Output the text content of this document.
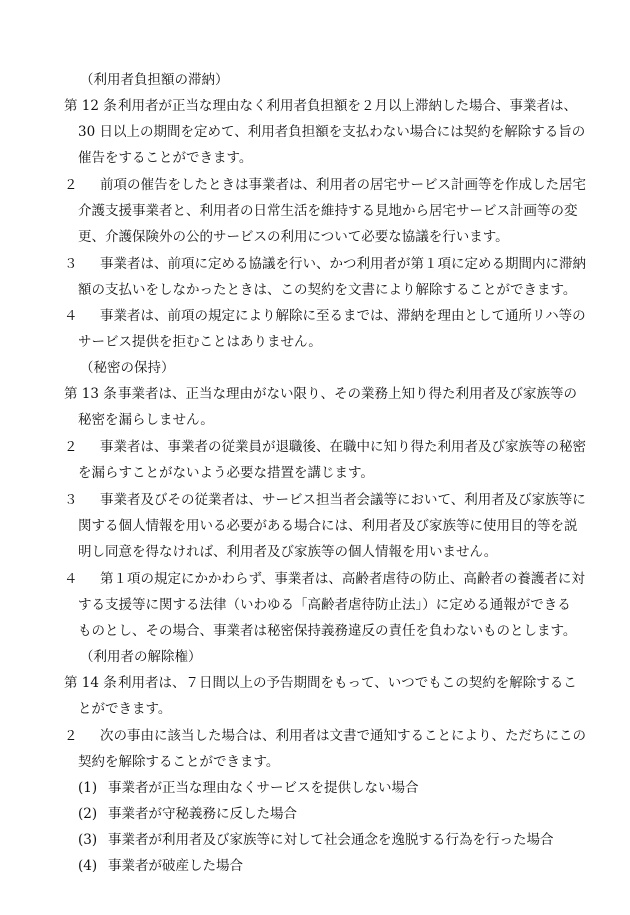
（利用者負担額の滞納）
第 12 条利用者が正当な理由なく利用者負担額を２月以上滞納した場合、事業者は、
30 日以上の期間を定めて、利用者負担額を支払わない場合には契約を解除する旨の
催告をすることができます。
２ 前項の催告をしたときは事業者は、利用者の居宅サービス計画等を作成した居宅
介護支援事業者と、利用者の日常生活を維持する見地から居宅サービス計画等の変
更、介護保険外の公的サービスの利用について必要な協議を行います。
３ 事業者は、前項に定める協議を行い、かつ利用者が第１項に定める期間内に滞納
額の支払いをしなかったときは、この契約を文書により解除することができます。
４ 事業者は、前項の規定により解除に至るまでは、滞納を理由として通所リハ等の
サービス提供を拒むことはありません。
（秘密の保持）
第 13 条事業者は、正当な理由がない限り、その業務上知り得た利用者及び家族等の
秘密を漏らしません。
２ 事業者は、事業者の従業員が退職後、在職中に知り得た利用者及び家族等の秘密
を漏らすことがないよう必要な措置を講じます。
３ 事業者及びその従業者は、サービス担当者会議等において、利用者及び家族等に
関する個人情報を用いる必要がある場合には、利用者及び家族等に使用目的等を説
明し同意を得なければ、利用者及び家族等の個人情報を用いません。
４ 第１項の規定にかかわらず、事業者は、高齢者虐待の防止、高齢者の養護者に対
する支援等に関する法律（いわゆる「高齢者虐待防止法」）に定める通報ができる
ものとし、その場合、事業者は秘密保持義務違反の責任を負わないものとします。
（利用者の解除権）
第 14 条利用者は、７日間以上の予告期間をもって、いつでもこの契約を解除するこ
とができます。
２ 次の事由に該当した場合は、利用者は文書で通知することにより、ただちにこの
契約を解除することができます。
(1) 事業者が正当な理由なくサービスを提供しない場合
(2) 事業者が守秘義務に反した場合
(3) 事業者が利用者及び家族等に対して社会通念を逸脱する行為を行った場合
(4) 事業者が破産した場合
